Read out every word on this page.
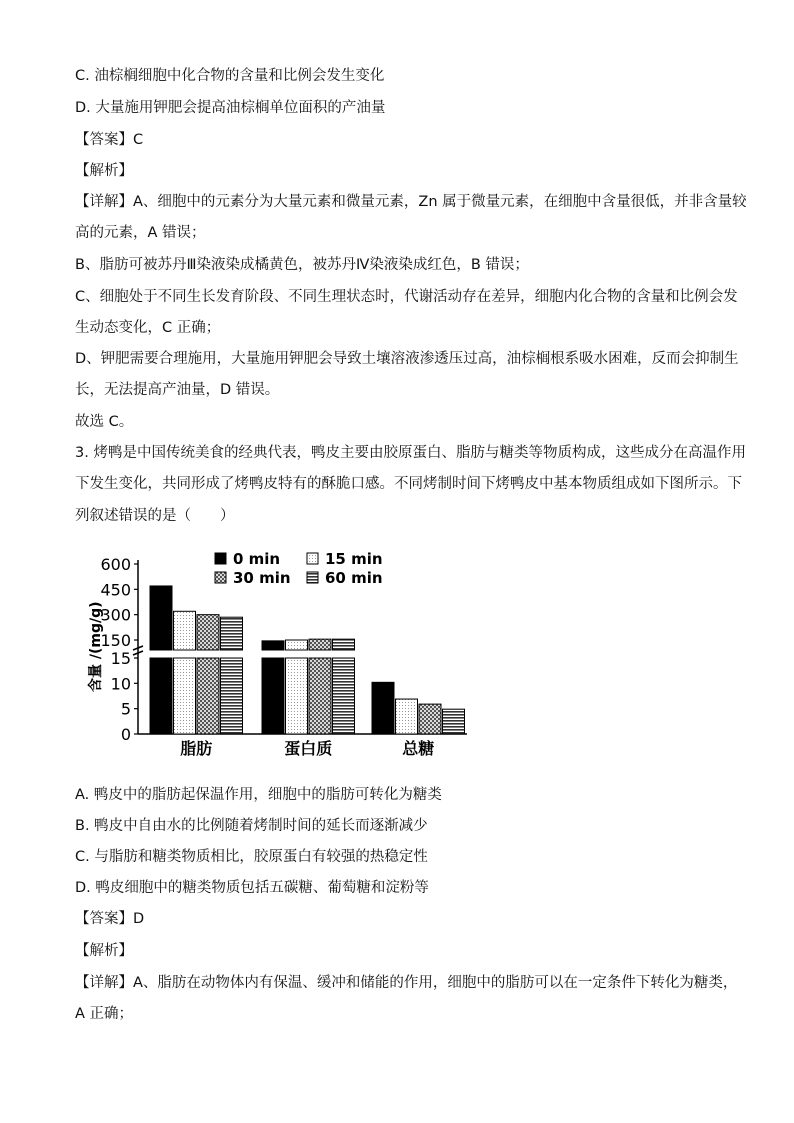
C. 油棕榈细胞中化合物的含量和比例会发生变化
D. 大量施用钾肥会提高油棕榈单位面积的产油量
【答案】C
【解析】
【详解】A、细胞中的元素分为大量元素和微量元素，Zn 属于微量元素，在细胞中含量很低，并非含量较
高的元素，A 错误；
B、脂肪可被苏丹Ⅲ染液染成橘黄色，被苏丹Ⅳ染液染成红色，B 错误；
C、细胞处于不同生长发育阶段、不同生理状态时，代谢活动存在差异，细胞内化合物的含量和比例会发
生动态变化，C 正确；
D、钾肥需要合理施用，大量施用钾肥会导致土壤溶液渗透压过高，油棕榈根系吸水困难，反而会抑制生
长，无法提高产油量，D 错误。
故选 C。
3. 烤鸭是中国传统美食的经典代表，鸭皮主要由胶原蛋白、脂肪与糖类等物质构成，这些成分在高温作用
下发生变化，共同形成了烤鸭皮特有的酥脆口感。不同烤制时间下烤鸭皮中基本物质组成如下图所示。下
列叙述错误的是（　　）
600
450
300
150
15
10
5
0
含量 /(mg/g)
脂肪	蛋白质	总糖
0 min	15 min
30 min 60 min
A. 鸭皮中的脂肪起保温作用，细胞中的脂肪可转化为糖类
B. 鸭皮中自由水的比例随着烤制时间的延长而逐渐减少
C. 与脂肪和糖类物质相比，胶原蛋白有较强的热稳定性
D. 鸭皮细胞中的糖类物质包括五碳糖、葡萄糖和淀粉等
【答案】D
【解析】
【详解】A、脂肪在动物体内有保温、缓冲和储能的作用，细胞中的脂肪可以在一定条件下转化为糖类，
A 正确；
